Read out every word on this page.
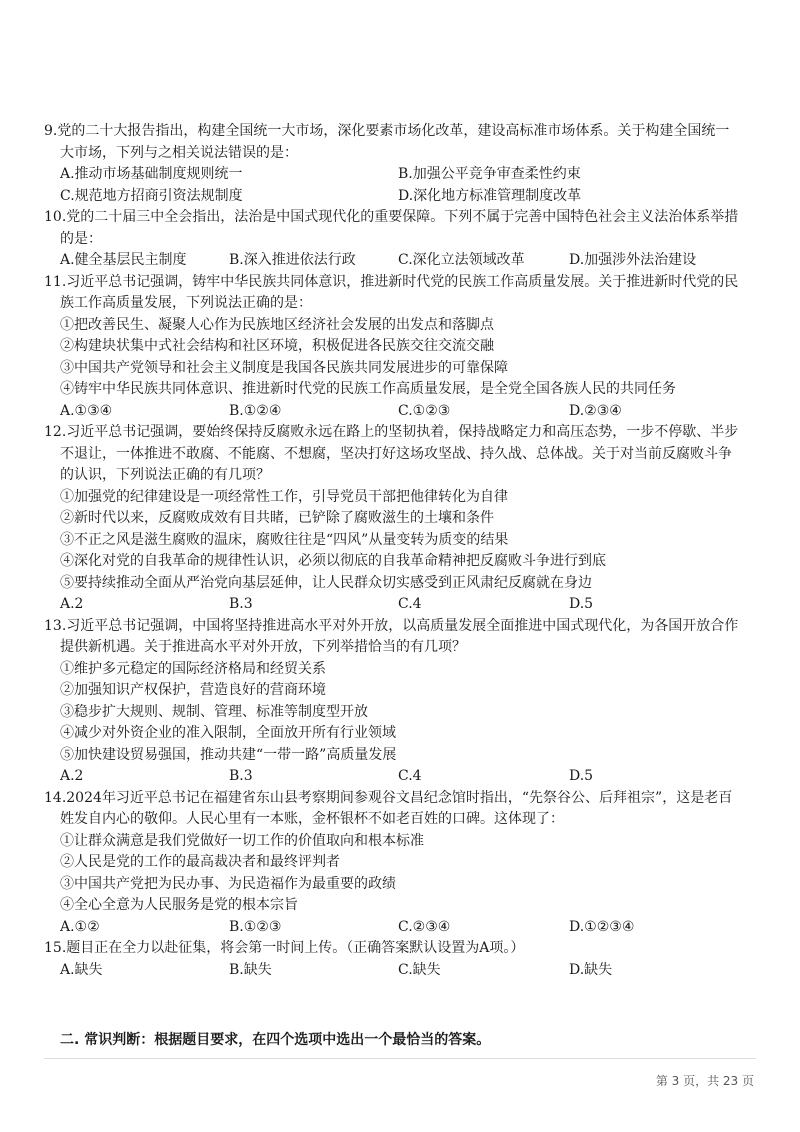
9.党的二十大报告指出，构建全国统一大市场，深化要素市场化改革，建设高标准市场体系。关于构建全国统一
大市场，下列与之相关说法错误的是：
A.推动市场基础制度规则统一	B.加强公平竞争审查柔性约束
C.规范地方招商引资法规制度	D.深化地方标准管理制度改革
10.党的二十届三中全会指出，法治是中国式现代化的重要保障。下列不属于完善中国特色社会主义法治体系举措
的是：
A.健全基层民主制度	B.深入推进依法行政	C.深化立法领域改革	D.加强涉外法治建设
11.习近平总书记强调，铸牢中华民族共同体意识，推进新时代党的民族工作高质量发展。关于推进新时代党的民
族工作高质量发展，下列说法正确的是：
①把改善民生、凝聚人心作为民族地区经济社会发展的出发点和落脚点
②构建块状集中式社会结构和社区环境，积极促进各民族交往交流交融
③中国共产党领导和社会主义制度是我国各民族共同发展进步的可靠保障
④铸牢中华民族共同体意识、推进新时代党的民族工作高质量发展，是全党全国各族人民的共同任务
A.①③④	B.①②④	C.①②③	D.②③④
12.习近平总书记强调，要始终保持反腐败永远在路上的坚韧执着，保持战略定力和高压态势，一步不停歇、半步
不退让，一体推进不敢腐、不能腐、不想腐，坚决打好这场攻坚战、持久战、总体战。关于对当前反腐败斗争
的认识，下列说法正确的有几项？
①加强党的纪律建设是一项经常性工作，引导党员干部把他律转化为自律
②新时代以来，反腐败成效有目共睹，已铲除了腐败滋生的土壤和条件
③不正之风是滋生腐败的温床，腐败往往是“四风”从量变转为质变的结果
④深化对党的自我革命的规律性认识，必须以彻底的自我革命精神把反腐败斗争进行到底
⑤要持续推动全面从严治党向基层延伸，让人民群众切实感受到正风肃纪反腐就在身边
A.2	B.3	C.4	D.5
13.习近平总书记强调，中国将坚持推进高水平对外开放，以高质量发展全面推进中国式现代化，为各国开放合作
提供新机遇。关于推进高水平对外开放，下列举措恰当的有几项？
①维护多元稳定的国际经济格局和经贸关系
②加强知识产权保护，营造良好的营商环境
③稳步扩大规则、规制、管理、标准等制度型开放
④减少对外资企业的准入限制，全面放开所有行业领域
⑤加快建设贸易强国，推动共建“一带一路”高质量发展
A.2	B.3	C.4	D.5
14.2024年习近平总书记在福建省东山县考察期间参观谷文昌纪念馆时指出，“先祭谷公、后拜祖宗”，这是老百
姓发自内心的敬仰。人民心里有一本账，金杯银杯不如老百姓的口碑。这体现了：
①让群众满意是我们党做好一切工作的价值取向和根本标准
②人民是党的工作的最高裁决者和最终评判者
③中国共产党把为民办事、为民造福作为最重要的政绩
④全心全意为人民服务是党的根本宗旨
A.①②	B.①②③	C.②③④	D.①②③④
15.题目正在全力以赴征集，将会第一时间上传。（正确答案默认设置为A项。）
A.缺失	B.缺失	C.缺失	D.缺失
二. 常识判断：根据题目要求，在四个选项中选出一个最恰当的答案。
第 3 页，共 23 页
